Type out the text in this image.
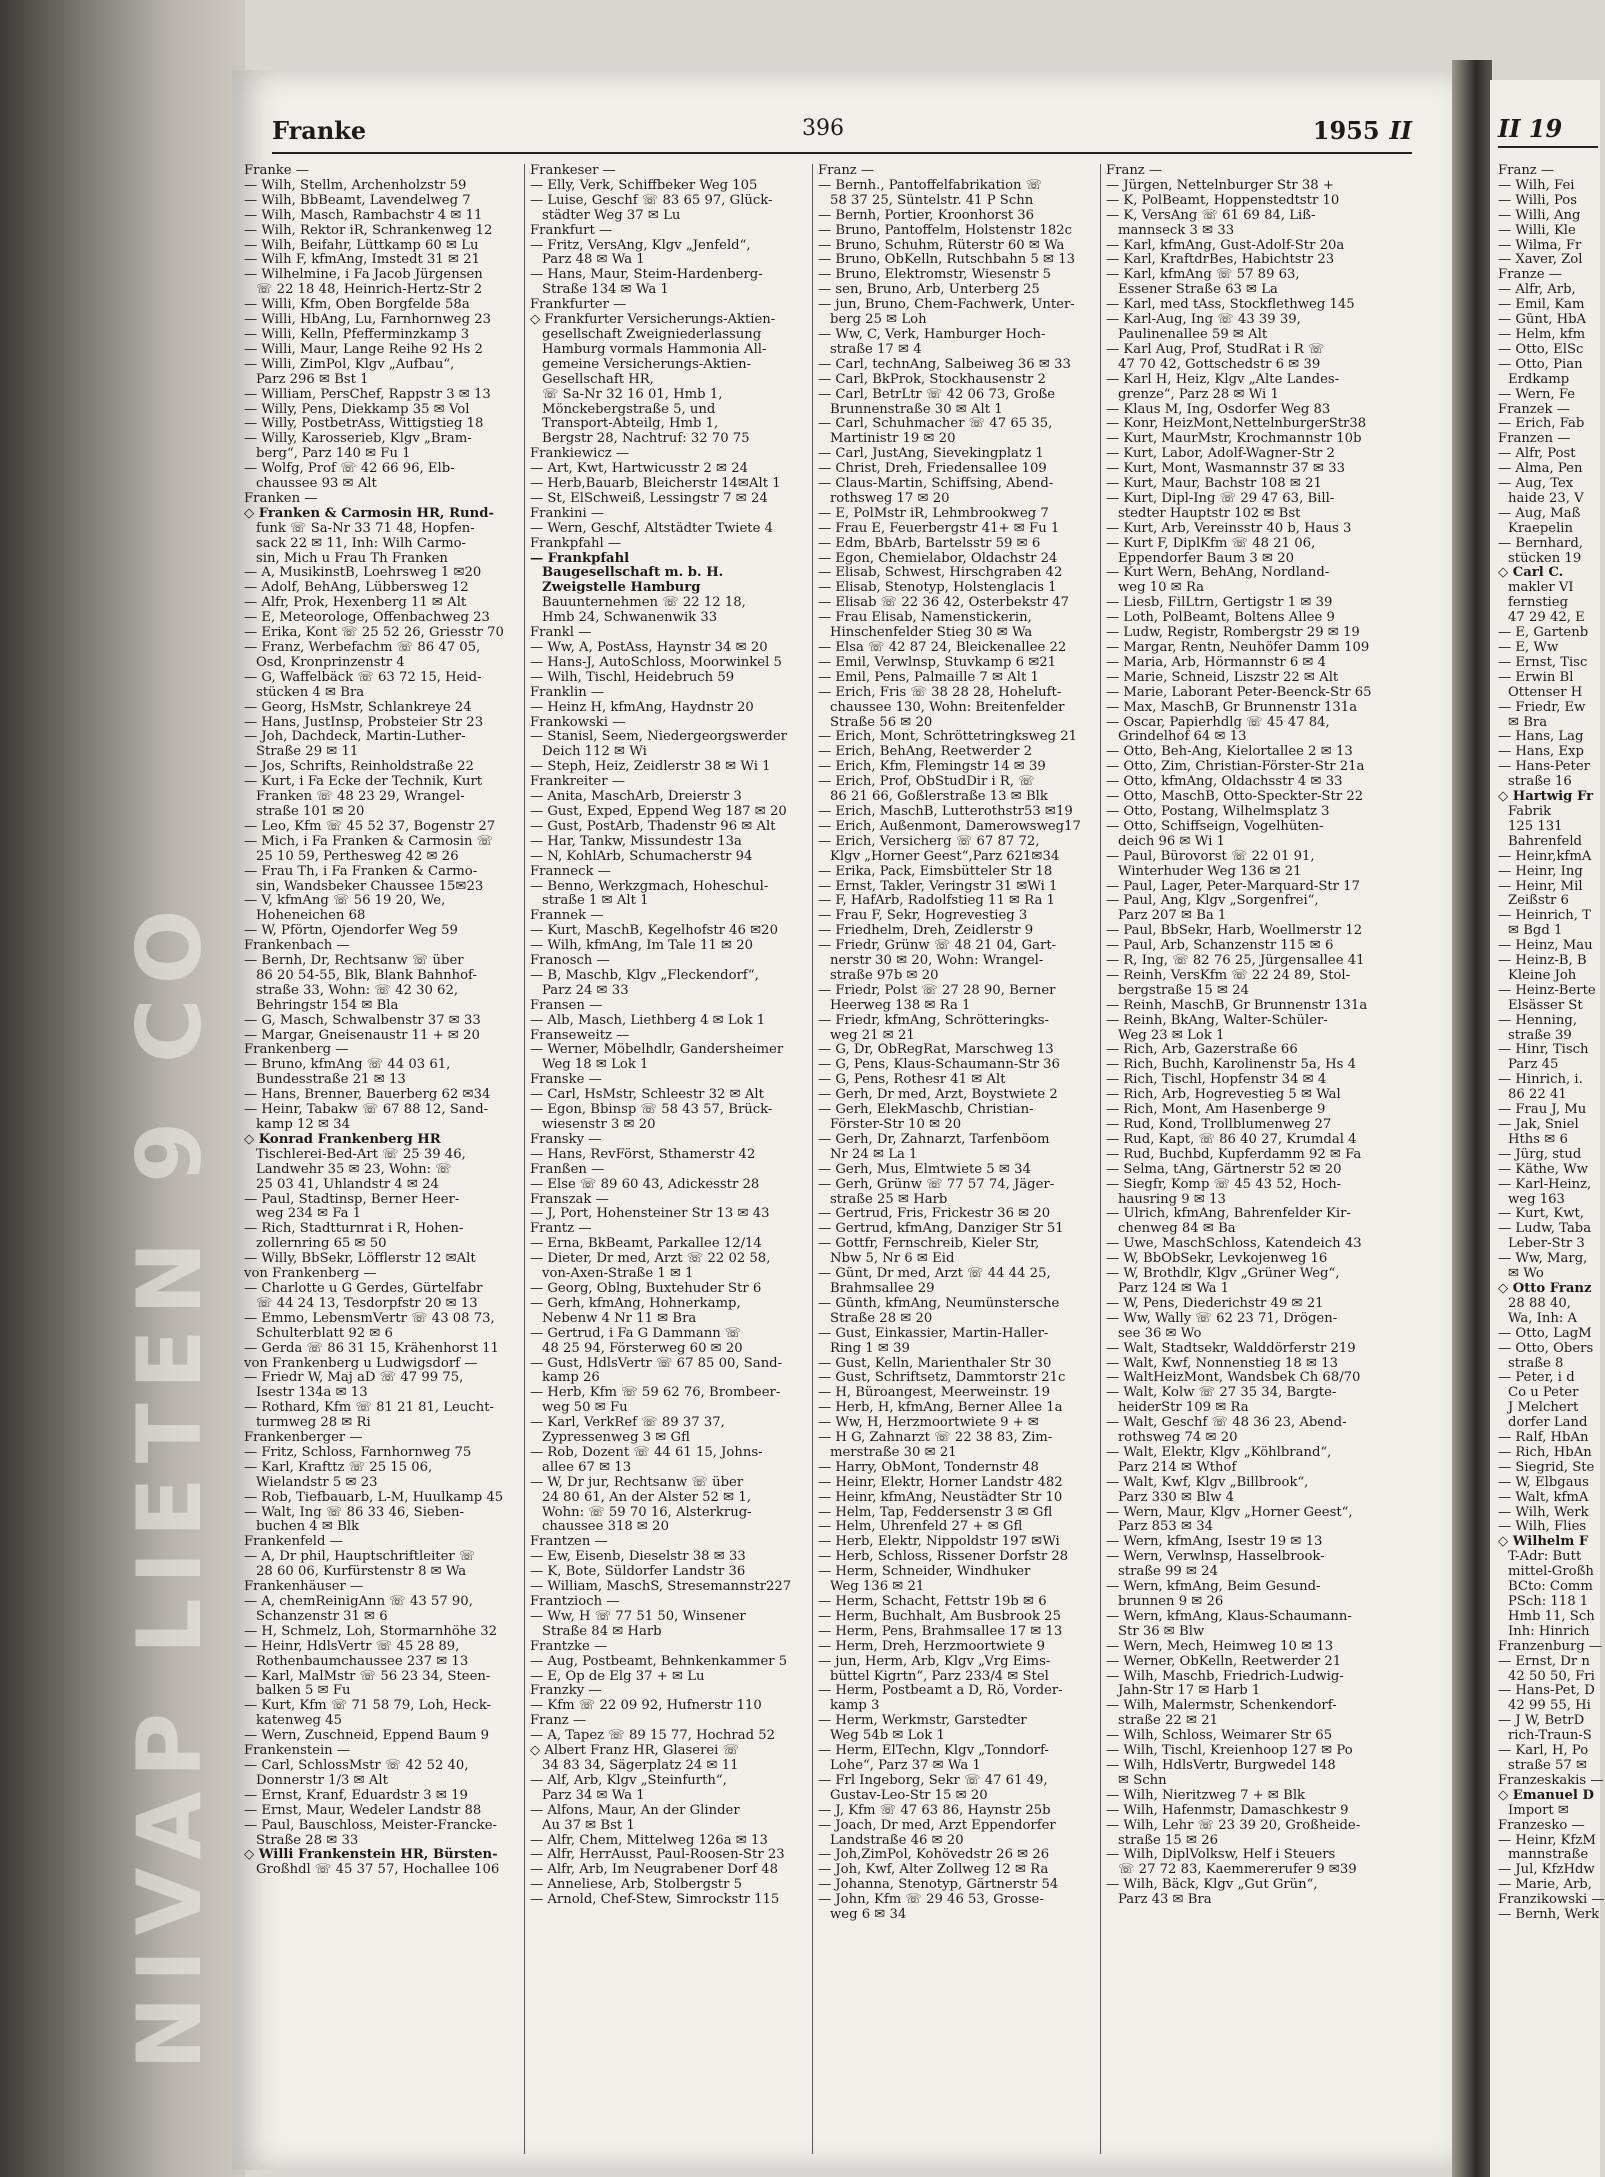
NIVAP LIETEN 9 CO
Franke	396	1955 II
Franke —
— Wilh, Stellm, Archenholzstr 59
— Wilh, BbBeamt, Lavendelweg 7
— Wilh, Masch, Rambachstr 4 ✉ 11
— Wilh, Rektor iR, Schrankenweg 12
— Wilh, Beifahr, Lüttkamp 60 ✉ Lu
— Wilh F, kfmAng, Imstedt 31 ✉ 21
— Wilhelmine, i Fa Jacob Jürgensen
☏ 22 18 48, Heinrich-Hertz-Str 2
— Willi, Kfm, Oben Borgfelde 58a
— Willi, HbAng, Lu, Farnhornweg 23
— Willi, Kelln, Pfefferminzkamp 3
— Willi, Maur, Lange Reihe 92 Hs 2
— Willi, ZimPol, Klgv „Aufbau“,
Parz 296 ✉ Bst 1
— William, PersChef, Rappstr 3 ✉ 13
— Willy, Pens, Diekkamp 35 ✉ Vol
— Willy, PostbetrAss, Wittigstieg 18
— Willy, Karosserieb, Klgv „Bram-
berg“, Parz 140 ✉ Fu 1
— Wolfg, Prof ☏ 42 66 96, Elb-
chaussee 93 ✉ Alt
Franken —
◇ Franken & Carmosin HR, Rund-
funk ☏ Sa-Nr 33 71 48, Hopfen-
sack 22 ✉ 11, Inh: Wilh Carmo-
sin, Mich u Frau Th Franken
— A, MusikinstB, Loehrsweg 1 ✉20
— Adolf, BehAng, Lübbersweg 12
— Alfr, Prok, Hexenberg 11 ✉ Alt
— E, Meteorologe, Offenbachweg 23
— Erika, Kont ☏ 25 52 26, Griesstr 70
— Franz, Werbefachm ☏ 86 47 05,
Osd, Kronprinzenstr 4
— G, Waffelbäck ☏ 63 72 15, Heid-
stücken 4 ✉ Bra
— Georg, HsMstr, Schlankreye 24
— Hans, JustInsp, Probsteier Str 23
— Joh, Dachdeck, Martin-Luther-
Straße 29 ✉ 11
— Jos, Schrifts, Reinholdstraße 22
— Kurt, i Fa Ecke der Technik, Kurt
Franken ☏ 48 23 29, Wrangel-
straße 101 ✉ 20
— Leo, Kfm ☏ 45 52 37, Bogenstr 27
— Mich, i Fa Franken & Carmosin ☏
25 10 59, Perthesweg 42 ✉ 26
— Frau Th, i Fa Franken & Carmo-
sin, Wandsbeker Chaussee 15✉23
— V, kfmAng ☏ 56 19 20, We,
Hoheneichen 68
— W, Pförtn, Ojendorfer Weg 59
Frankenbach —
— Bernh, Dr, Rechtsanw ☏ über
86 20 54-55, Blk, Blank Bahnhof-
straße 33, Wohn: ☏ 42 30 62,
Behringstr 154 ✉ Bla
— G, Masch, Schwalbenstr 37 ✉ 33
— Margar, Gneisenaustr 11 + ✉ 20
Frankenberg —
— Bruno, kfmAng ☏ 44 03 61,
Bundesstraße 21 ✉ 13
— Hans, Brenner, Bauerberg 62 ✉34
— Heinr, Tabakw ☏ 67 88 12, Sand-
kamp 12 ✉ 34
◇ Konrad Frankenberg HR
Tischlerei-Bed-Art ☏ 25 39 46,
Landwehr 35 ✉ 23, Wohn: ☏
25 03 41, Uhlandstr 4 ✉ 24
— Paul, Stadtinsp, Berner Heer-
weg 234 ✉ Fa 1
— Rich, Stadtturnrat i R, Hohen-
zollernring 65 ✉ 50
— Willy, BbSekr, Löfflerstr 12 ✉Alt
von Frankenberg —
— Charlotte u G Gerdes, Gürtelfabr
☏ 44 24 13, Tesdorpfstr 20 ✉ 13
— Emmo, LebensmVertr ☏ 43 08 73,
Schulterblatt 92 ✉ 6
— Gerda ☏ 86 31 15, Krähenhorst 11
von Frankenberg u Ludwigsdorf —
— Friedr W, Maj aD ☏ 47 99 75,
Isestr 134a ✉ 13
— Rothard, Kfm ☏ 81 21 81, Leucht-
turmweg 28 ✉ Ri
Frankenberger —
— Fritz, Schloss, Farnhornweg 75
— Karl, Krafttz ☏ 25 15 06,
Wielandstr 5 ✉ 23
— Rob, Tiefbauarb, L-M, Huulkamp 45
— Walt, Ing ☏ 86 33 46, Sieben-
buchen 4 ✉ Blk
Frankenfeld —
— A, Dr phil, Hauptschriftleiter ☏
28 60 06, Kurfürstenstr 8 ✉ Wa
Frankenhäuser —
— A, chemReinigAnn ☏ 43 57 90,
Schanzenstr 31 ✉ 6
— H, Schmelz, Loh, Stormarnhöhe 32
— Heinr, HdlsVertr ☏ 45 28 89,
Rothenbaumchaussee 237 ✉ 13
— Karl, MalMstr ☏ 56 23 34, Steen-
balken 5 ✉ Fu
— Kurt, Kfm ☏ 71 58 79, Loh, Heck-
katenweg 45
— Wern, Zuschneid, Eppend Baum 9
Frankenstein —
— Carl, SchlossMstr ☏ 42 52 40,
Donnerstr 1/3 ✉ Alt
— Ernst, Kranf, Eduardstr 3 ✉ 19
— Ernst, Maur, Wedeler Landstr 88
— Paul, Bauschloss, Meister-Francke-
Straße 28 ✉ 33
◇ Willi Frankenstein HR, Bürsten-
Großhdl ☏ 45 37 57, Hochallee 106
Frankeser —
— Elly, Verk, Schiffbeker Weg 105
— Luise, Geschf ☏ 83 65 97, Glück-
städter Weg 37 ✉ Lu
Frankfurt —
— Fritz, VersAng, Klgv „Jenfeld“,
Parz 48 ✉ Wa 1
— Hans, Maur, Steim-Hardenberg-
Straße 134 ✉ Wa 1
Frankfurter —
◇ Frankfurter Versicherungs-Aktien-
gesellschaft Zweigniederlassung
Hamburg vormals Hammonia All-
gemeine Versicherungs-Aktien-
Gesellschaft HR,
☏ Sa-Nr 32 16 01, Hmb 1,
Mönckebergstraße 5, und
Transport-Abteilg, Hmb 1,
Bergstr 28, Nachtruf: 32 70 75
Frankiewicz —
— Art, Kwt, Hartwicusstr 2 ✉ 24
— Herb,Bauarb, Bleicherstr 14✉Alt 1
— St, ElSchweiß, Lessingstr 7 ✉ 24
Frankini —
— Wern, Geschf, Altstädter Twiete 4
Frankpfahl —
— Frankpfahl
Baugesellschaft m. b. H.
Zweigstelle Hamburg
Bauunternehmen ☏ 22 12 18,
Hmb 24, Schwanenwik 33
Frankl —
— Ww, A, PostAss, Haynstr 34 ✉ 20
— Hans-J, AutoSchloss, Moorwinkel 5
— Wilh, Tischl, Heidebruch 59
Franklin —
— Heinz H, kfmAng, Haydnstr 20
Frankowski —
— Stanisl, Seem, Niedergeorgswerder
Deich 112 ✉ Wi
— Steph, Heiz, Zeidlerstr 38 ✉ Wi 1
Frankreiter —
— Anita, MaschArb, Dreierstr 3
— Gust, Exped, Eppend Weg 187 ✉ 20
— Gust, PostArb, Thadenstr 96 ✉ Alt
— Har, Tankw, Missundestr 13a
— N, KohlArb, Schumacherstr 94
Franneck —
— Benno, Werkzgmach, Hoheschul-
straße 1 ✉ Alt 1
Frannek —
— Kurt, MaschB, Kegelhofstr 46 ✉20
— Wilh, kfmAng, Im Tale 11 ✉ 20
Franosch —
— B, Maschb, Klgv „Fleckendorf“,
Parz 24 ✉ 33
Fransen —
— Alb, Masch, Liethberg 4 ✉ Lok 1
Franseweitz —
— Werner, Möbelhdlr, Gandersheimer
Weg 18 ✉ Lok 1
Franske —
— Carl, HsMstr, Schleestr 32 ✉ Alt
— Egon, Bbinsp ☏ 58 43 57, Brück-
wiesenstr 3 ✉ 20
Fransky —
— Hans, RevFörst, Sthamerstr 42
Franßen —
— Else ☏ 89 60 43, Adickesstr 28
Franszak —
— J, Port, Hohensteiner Str 13 ✉ 43
Frantz —
— Erna, BkBeamt, Parkallee 12/14
— Dieter, Dr med, Arzt ☏ 22 02 58,
von-Axen-Straße 1 ✉ 1
— Georg, Oblng, Buxtehuder Str 6
— Gerh, kfmAng, Hohnerkamp,
Nebenw 4 Nr 11 ✉ Bra
— Gertrud, i Fa G Dammann ☏
48 25 94, Försterweg 60 ✉ 20
— Gust, HdlsVertr ☏ 67 85 00, Sand-
kamp 26
— Herb, Kfm ☏ 59 62 76, Brombeer-
weg 50 ✉ Fu
— Karl, VerkRef ☏ 89 37 37,
Zypressenweg 3 ✉ Gfl
— Rob, Dozent ☏ 44 61 15, Johns-
allee 67 ✉ 13
— W, Dr jur, Rechtsanw ☏ über
24 80 61, An der Alster 52 ✉ 1,
Wohn: ☏ 59 70 16, Alsterkrug-
chaussee 318 ✉ 20
Frantzen —
— Ew, Eisenb, Dieselstr 38 ✉ 33
— K, Bote, Süldorfer Landstr 36
— William, MaschS, Stresemannstr227
Frantzioch —
— Ww, H ☏ 77 51 50, Winsener
Straße 84 ✉ Harb
Frantzke —
— Aug, Postbeamt, Behnkenkammer 5
— E, Op de Elg 37 + ✉ Lu
Franzky —
— Kfm ☏ 22 09 92, Hufnerstr 110
Franz —
— A, Tapez ☏ 89 15 77, Hochrad 52
◇ Albert Franz HR, Glaserei ☏
34 83 34, Sägerplatz 24 ✉ 11
— Alf, Arb, Klgv „Steinfurth“,
Parz 34 ✉ Wa 1
— Alfons, Maur, An der Glinder
Au 37 ✉ Bst 1
— Alfr, Chem, Mittelweg 126a ✉ 13
— Alfr, HerrAusst, Paul-Roosen-Str 23
— Alfr, Arb, Im Neugrabener Dorf 48
— Anneliese, Arb, Stolbergstr 5
— Arnold, Chef-Stew, Simrockstr 115
Franz —
— Bernh., Pantoffelfabrikation ☏
58 37 25, Süntelstr. 41 P Schn
— Bernh, Portier, Kroonhorst 36
— Bruno, Pantoffelm, Holstenstr 182c
— Bruno, Schuhm, Rüterstr 60 ✉ Wa
— Bruno, ObKelln, Rutschbahn 5 ✉ 13
— Bruno, Elektromstr, Wiesenstr 5
— sen, Bruno, Arb, Unterberg 25
— jun, Bruno, Chem-Fachwerk, Unter-
berg 25 ✉ Loh
— Ww, C, Verk, Hamburger Hoch-
straße 17 ✉ 4
— Carl, technAng, Salbeiweg 36 ✉ 33
— Carl, BkProk, Stockhausenstr 2
— Carl, BetrLtr ☏ 42 06 73, Große
Brunnenstraße 30 ✉ Alt 1
— Carl, Schuhmacher ☏ 47 65 35,
Martinistr 19 ✉ 20
— Carl, JustAng, Sievekingplatz 1
— Christ, Dreh, Friedensallee 109
— Claus-Martin, Schiffsing, Abend-
rothsweg 17 ✉ 20
— E, PolMstr iR, Lehmbrookweg 7
— Frau E, Feuerbergstr 41+ ✉ Fu 1
— Edm, BbArb, Bartelsstr 59 ✉ 6
— Egon, Chemielabor, Oldachstr 24
— Elisab, Schwest, Hirschgraben 42
— Elisab, Stenotyp, Holstenglacis 1
— Elisab ☏ 22 36 42, Osterbekstr 47
— Frau Elisab, Namenstickerin,
Hinschenfelder Stieg 30 ✉ Wa
— Elsa ☏ 42 87 24, Bleickenallee 22
— Emil, Verwlnsp, Stuvkamp 6 ✉21
— Emil, Pens, Palmaille 7 ✉ Alt 1
— Erich, Fris ☏ 38 28 28, Hoheluft-
chaussee 130, Wohn: Breitenfelder
Straße 56 ✉ 20
— Erich, Mont, Schröttetringksweg 21
— Erich, BehAng, Reetwerder 2
— Erich, Kfm, Flemingstr 14 ✉ 39
— Erich, Prof, ObStudDir i R, ☏
86 21 66, Goßlerstraße 13 ✉ Blk
— Erich, MaschB, Lutterothstr53 ✉19
— Erich, Außenmont, Damerowsweg17
— Erich, Versicherg ☏ 67 87 72,
Klgv „Horner Geest“,Parz 621✉34
— Erika, Pack, Eimsbütteler Str 18
— Ernst, Takler, Veringstr 31 ✉Wi 1
— F, HafArb, Radolfstieg 11 ✉ Ra 1
— Frau F, Sekr, Hogrevestieg 3
— Friedhelm, Dreh, Zeidlerstr 9
— Friedr, Grünw ☏ 48 21 04, Gart-
nerstr 30 ✉ 20, Wohn: Wrangel-
straße 97b ✉ 20
— Friedr, Polst ☏ 27 28 90, Berner
Heerweg 138 ✉ Ra 1
— Friedr, kfmAng, Schrötteringks-
weg 21 ✉ 21
— G, Dr, ObRegRat, Marschweg 13
— G, Pens, Klaus-Schaumann-Str 36
— G, Pens, Rothesr 41 ✉ Alt
— Gerh, Dr med, Arzt, Boystwiete 2
— Gerh, ElekMaschb, Christian-
Förster-Str 10 ✉ 20
— Gerh, Dr, Zahnarzt, Tarfenböom
Nr 24 ✉ La 1
— Gerh, Mus, Elmtwiete 5 ✉ 34
— Gerh, Grünw ☏ 77 57 74, Jäger-
straße 25 ✉ Harb
— Gertrud, Fris, Frickestr 36 ✉ 20
— Gertrud, kfmAng, Danziger Str 51
— Gottfr, Fernschreib, Kieler Str,
Nbw 5, Nr 6 ✉ Eid
— Günt, Dr med, Arzt ☏ 44 44 25,
Brahmsallee 29
— Günth, kfmAng, Neumünstersche
Straße 28 ✉ 20
— Gust, Einkassier, Martin-Haller-
Ring 1 ✉ 39
— Gust, Kelln, Marienthaler Str 30
— Gust, Schriftsetz, Dammtorstr 21c
— H, Büroangest, Meerweinstr. 19
— Herb, H, kfmAng, Berner Allee 1a
— Ww, H, Herzmoortwiete 9 + ✉
— H G, Zahnarzt ☏ 22 38 83, Zim-
merstraße 30 ✉ 21
— Harry, ObMont, Tondernstr 48
— Heinr, Elektr, Horner Landstr 482
— Heinr, kfmAng, Neustädter Str 10
— Helm, Tap, Feddersenstr 3 ✉ Gfl
— Helm, Uhrenfeld 27 + ✉ Gfl
— Herb, Elektr, Nippoldstr 197 ✉Wi
— Herb, Schloss, Rissener Dorfstr 28
— Herm, Schneider, Windhuker
Weg 136 ✉ 21
— Herm, Schacht, Fettstr 19b ✉ 6
— Herm, Buchhalt, Am Busbrook 25
— Herm, Pens, Brahmsallee 17 ✉ 13
— Herm, Dreh, Herzmoortwiete 9
— jun, Herm, Arb, Klgv „Vrg Eims-
büttel Kigrtn“, Parz 233/4 ✉ Stel
— Herm, Postbeamt a D, Rö, Vorder-
kamp 3
— Herm, Werkmstr, Garstedter
Weg 54b ✉ Lok 1
— Herm, ElTechn, Klgv „Tonndorf-
Lohe“, Parz 37 ✉ Wa 1
— Frl Ingeborg, Sekr ☏ 47 61 49,
Gustav-Leo-Str 15 ✉ 20
— J, Kfm ☏ 47 63 86, Haynstr 25b
— Joach, Dr med, Arzt Eppendorfer
Landstraße 46 ✉ 20
— Joh,ZimPol, Kohövedstr 26 ✉ 26
— Joh, Kwf, Alter Zollweg 12 ✉ Ra
— Johanna, Stenotyp, Gärtnerstr 54
— John, Kfm ☏ 29 46 53, Grosse-
weg 6 ✉ 34
Franz —
— Jürgen, Nettelnburger Str 38 +
— K, PolBeamt, Hoppenstedtstr 10
— K, VersAng ☏ 61 69 84, Liß-
mannseck 3 ✉ 33
— Karl, kfmAng, Gust-Adolf-Str 20a
— Karl, KraftdrBes, Habichtstr 23
— Karl, kfmAng ☏ 57 89 63,
Essener Straße 63 ✉ La
— Karl, med tAss, Stockflethweg 145
— Karl-Aug, Ing ☏ 43 39 39,
Paulinenallee 59 ✉ Alt
— Karl Aug, Prof, StudRat i R ☏
47 70 42, Gottschedstr 6 ✉ 39
— Karl H, Heiz, Klgv „Alte Landes-
grenze“, Parz 28 ✉ Wi 1
— Klaus M, Ing, Osdorfer Weg 83
— Konr, HeizMont,NettelnburgerStr38
— Kurt, MaurMstr, Krochmannstr 10b
— Kurt, Labor, Adolf-Wagner-Str 2
— Kurt, Mont, Wasmannstr 37 ✉ 33
— Kurt, Maur, Bachstr 108 ✉ 21
— Kurt, Dipl-Ing ☏ 29 47 63, Bill-
stedter Hauptstr 102 ✉ Bst
— Kurt, Arb, Vereinsstr 40 b, Haus 3
— Kurt F, DiplKfm ☏ 48 21 06,
Eppendorfer Baum 3 ✉ 20
— Kurt Wern, BehAng, Nordland-
weg 10 ✉ Ra
— Liesb, FilLtrn, Gertigstr 1 ✉ 39
— Loth, PolBeamt, Boltens Allee 9
— Ludw, Registr, Rombergstr 29 ✉ 19
— Margar, Rentn, Neuhöfer Damm 109
— Maria, Arb, Hörmannstr 6 ✉ 4
— Marie, Schneid, Liszstr 22 ✉ Alt
— Marie, Laborant Peter-Beenck-Str 65
— Max, MaschB, Gr Brunnenstr 131a
— Oscar, Papierhdlg ☏ 45 47 84,
Grindelhof 64 ✉ 13
— Otto, Beh-Ang, Kielortallee 2 ✉ 13
— Otto, Zim, Christian-Förster-Str 21a
— Otto, kfmAng, Oldachsstr 4 ✉ 33
— Otto, MaschB, Otto-Speckter-Str 22
— Otto, Postang, Wilhelmsplatz 3
— Otto, Schiffseign, Vogelhüten-
deich 96 ✉ Wi 1
— Paul, Bürovorst ☏ 22 01 91,
Winterhuder Weg 136 ✉ 21
— Paul, Lager, Peter-Marquard-Str 17
— Paul, Ang, Klgv „Sorgenfrei“,
Parz 207 ✉ Ba 1
— Paul, BbSekr, Harb, Woellmerstr 12
— Paul, Arb, Schanzenstr 115 ✉ 6
— R, Ing, ☏ 82 76 25, Jürgensallee 41
— Reinh, VersKfm ☏ 22 24 89, Stol-
bergstraße 15 ✉ 24
— Reinh, MaschB, Gr Brunnenstr 131a
— Reinh, BkAng, Walter-Schüler-
Weg 23 ✉ Lok 1
— Rich, Arb, Gazerstraße 66
— Rich, Buchh, Karolinenstr 5a, Hs 4
— Rich, Tischl, Hopfenstr 34 ✉ 4
— Rich, Arb, Hogrevestieg 5 ✉ Wal
— Rich, Mont, Am Hasenberge 9
— Rud, Kond, Trollblumenweg 27
— Rud, Kapt, ☏ 86 40 27, Krumdal 4
— Rud, Buchbd, Kupferdamm 92 ✉ Fa
— Selma, tAng, Gärtnerstr 52 ✉ 20
— Siegfr, Komp ☏ 45 43 52, Hoch-
hausring 9 ✉ 13
— Ulrich, kfmAng, Bahrenfelder Kir-
chenweg 84 ✉ Ba
— Uwe, MaschSchloss, Katendeich 43
— W, BbObSekr, Levkojenweg 16
— W, Brothdlr, Klgv „Grüner Weg“,
Parz 124 ✉ Wa 1
— W, Pens, Diederichstr 49 ✉ 21
— Ww, Wally ☏ 62 23 71, Drögen-
see 36 ✉ Wo
— Walt, Stadtsekr, Walddörferstr 219
— Walt, Kwf, Nonnenstieg 18 ✉ 13
— WaltHeizMont, Wandsbek Ch 68/70
— Walt, Kolw ☏ 27 35 34, Bargte-
heiderStr 109 ✉ Ra
— Walt, Geschf ☏ 48 36 23, Abend-
rothsweg 74 ✉ 20
— Walt, Elektr, Klgv „Köhlbrand“,
Parz 214 ✉ Wthof
— Walt, Kwf, Klgv „Billbrook“,
Parz 330 ✉ Blw 4
— Wern, Maur, Klgv „Horner Geest“,
Parz 853 ✉ 34
— Wern, kfmAng, Isestr 19 ✉ 13
— Wern, Verwlnsp, Hasselbrook-
straße 99 ✉ 24
— Wern, kfmAng, Beim Gesund-
brunnen 9 ✉ 26
— Wern, kfmAng, Klaus-Schaumann-
Str 36 ✉ Blw
— Wern, Mech, Heimweg 10 ✉ 13
— Werner, ObKelln, Reetwerder 21
— Wilh, Maschb, Friedrich-Ludwig-
Jahn-Str 17 ✉ Harb 1
— Wilh, Malermstr, Schenkendorf-
straße 22 ✉ 21
— Wilh, Schloss, Weimarer Str 65
— Wilh, Tischl, Kreienhoop 127 ✉ Po
— Wilh, HdlsVertr, Burgwedel 148
✉ Schn
— Wilh, Nieritzweg 7 + ✉ Blk
— Wilh, Hafenmstr, Damaschkestr 9
— Wilh, Lehr ☏ 23 39 20, Großheide-
straße 15 ✉ 26
— Wilh, DiplVolksw, Helf i Steuers
☏ 27 72 83, Kaemmererufer 9 ✉39
— Wilh, Bäck, Klgv „Gut Grün“,
Parz 43 ✉ Bra
II 19
Franz —
— Wilh, Fei
— Willi, Pos
— Willi, Ang
— Willi, Kle
— Wilma, Fr
— Xaver, Zol
Franze —
— Alfr, Arb,
— Emil, Kam
— Günt, HbA
— Helm, kfm
— Otto, ElSc
— Otto, Pian
Erdkamp
— Wern, Fe
Franzek —
— Erich, Fab
Franzen —
— Alfr, Post
— Alma, Pen
— Aug, Tex
haide 23, V
— Aug, Maß
Kraepelin
— Bernhard,
stücken 19
◇ Carl C.
makler VI
fernstieg
47 29 42, E
— E, Gartenb
— E, Ww
— Ernst, Tisc
— Erwin Bl
Ottenser H
— Friedr, Ew
✉ Bra
— Hans, Lag
— Hans, Exp
— Hans-Peter
straße 16
◇ Hartwig Fr
Fabrik
125 131
Bahrenfeld
— Heinr,kfmA
— Heinr, Ing
— Heinr, Mil
Zeißstr 6
— Heinrich, T
✉ Bgd 1
— Heinz, Mau
— Heinz-B, B
Kleine Joh
— Heinz-Berte
Elsässer St
— Henning,
straße 39
— Hinr, Tisch
Parz 45
— Hinrich, i.
86 22 41
— Frau J, Mu
— Jak, Sniel
Hths ✉ 6
— Jürg, stud
— Käthe, Ww
— Karl-Heinz,
weg 163
— Kurt, Kwt,
— Ludw, Taba
Leber-Str 3
— Ww, Marg,
✉ Wo
◇ Otto Franz
28 88 40,
Wa, Inh: A
— Otto, LagM
— Otto, Obers
straße 8
— Peter, i d
Co u Peter
J Melchert
dorfer Land
— Ralf, HbAn
— Rich, HbAn
— Siegrid, Ste
— W, Elbgaus
— Walt, kfmA
— Wilh, Werk
— Wilh, Flies
◇ Wilhelm F
T-Adr: Butt
mittel-Großh
BCto: Comm
PSch: 118 1
Hmb 11, Sch
Inh: Hinrich
Franzenburg —
— Ernst, Dr n
42 50 50, Fri
— Hans-Pet, D
42 99 55, Hi
— J W, BetrD
rich-Traun-S
— Karl, H, Po
straße 57 ✉
Franzeskakis —
◇ Emanuel D
Import ✉
Franzesko —
— Heinr, KfzM
mannstraße
— Jul, KfzHdw
— Marie, Arb,
Franzikowski —
— Bernh, Werk
